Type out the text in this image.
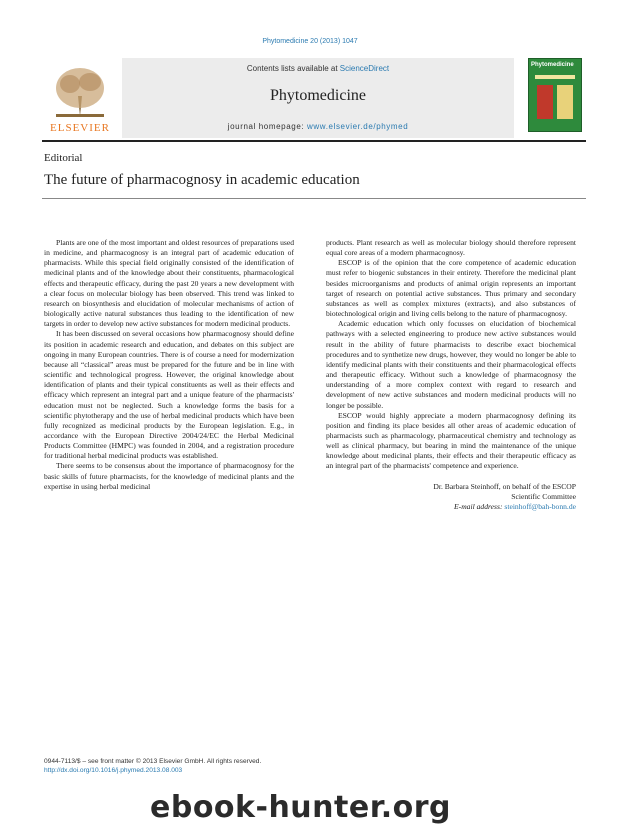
Phytomedicine 20 (2013) 1047
ELSEVIER
Contents lists available at ScienceDirect
Phytomedicine
journal homepage: www.elsevier.de/phymed
Phytomedicine
Editorial
The future of pharmacognosy in academic education

Plants are one of the most important and oldest resources of preparations used in medicine, and pharmacognosy is an integral part of academic education of pharmacists. While this special field originally consisted of the identification of medicinal plants and of the knowledge about their constituents, pharmacological effects and therapeutic efficacy, during the past 20 years a new development with a clear focus on molecular biology has been observed. This trend was linked to research on biosynthesis and elucidation of molecular mechanisms of action of biologically active natural substances thus leading to the identification of new targets in order to develop new active substances for modern medicinal products.

It has been discussed on several occasions how pharmacognosy should define its position in academic research and education, and debates on this subject are ongoing in many European countries. There is of course a need for modernization because all “classical” areas must be prepared for the future and be in line with scientific and technological progress. However, the original knowledge about identification of plants and their typical constituents as well as their effects and efficacy which represent an integral part and a unique feature of the pharmacists' education must not be neglected. Such a knowledge forms the basis for a scientific phytotherapy and the use of herbal medicinal products which have been fully recognized as medicinal products by the European legislation. E.g., in accordance with the European Directive 2004/24/EC the Herbal Medicinal Products Committee (HMPC) was founded in 2004, and a registration procedure for traditional herbal medicinal products was established.

There seems to be consensus about the importance of pharmacognosy for the basic skills of future pharmacists, for the knowledge of medicinal plants and the expertise in using herbal medicinal

products. Plant research as well as molecular biology should therefore represent equal core areas of a modern pharmacognosy.

ESCOP is of the opinion that the core competence of academic education must refer to biogenic substances in their entirety. Therefore the medicinal plant besides microorganisms and products of animal origin represents an important target of research on potential active substances. Thus primary and secondary substances as well as complex mixtures (extracts), and also substances of biotechnological origin and living cells belong to the nature of pharmacognosy.

Academic education which only focusses on elucidation of biochemical pathways with a selected engineering to produce new active substances would result in the ability of future pharmacists to describe exact biochemical procedures and to synthetize new drugs, however, they would no longer be able to identify medicinal plants with their constituents and their pharmacological effects and therapeutic efficacy. Without such a knowledge of pharmacognosy the understanding of a more complex context with regard to research and development of new active substances and modern medicinal products will no longer be possible.

ESCOP would highly appreciate a modern pharmacognosy defining its position and finding its place besides all other areas of academic education of pharmacists such as pharmacology, pharmaceutical chemistry and technology as well as clinical pharmacy, but bearing in mind the maintenance of the unique knowledge about medicinal plants, their effects and their therapeutic efficacy as an integral part of the pharmacists' competence and experience.

Dr. Barbara Steinhoff, on behalf of the ESCOP
Scientific Committee
E-mail address: steinhoff@bah-bonn.de
0944-7113/$ – see front matter © 2013 Elsevier GmbH. All rights reserved.
http://dx.doi.org/10.1016/j.phymed.2013.08.003
ebook-hunter.org
